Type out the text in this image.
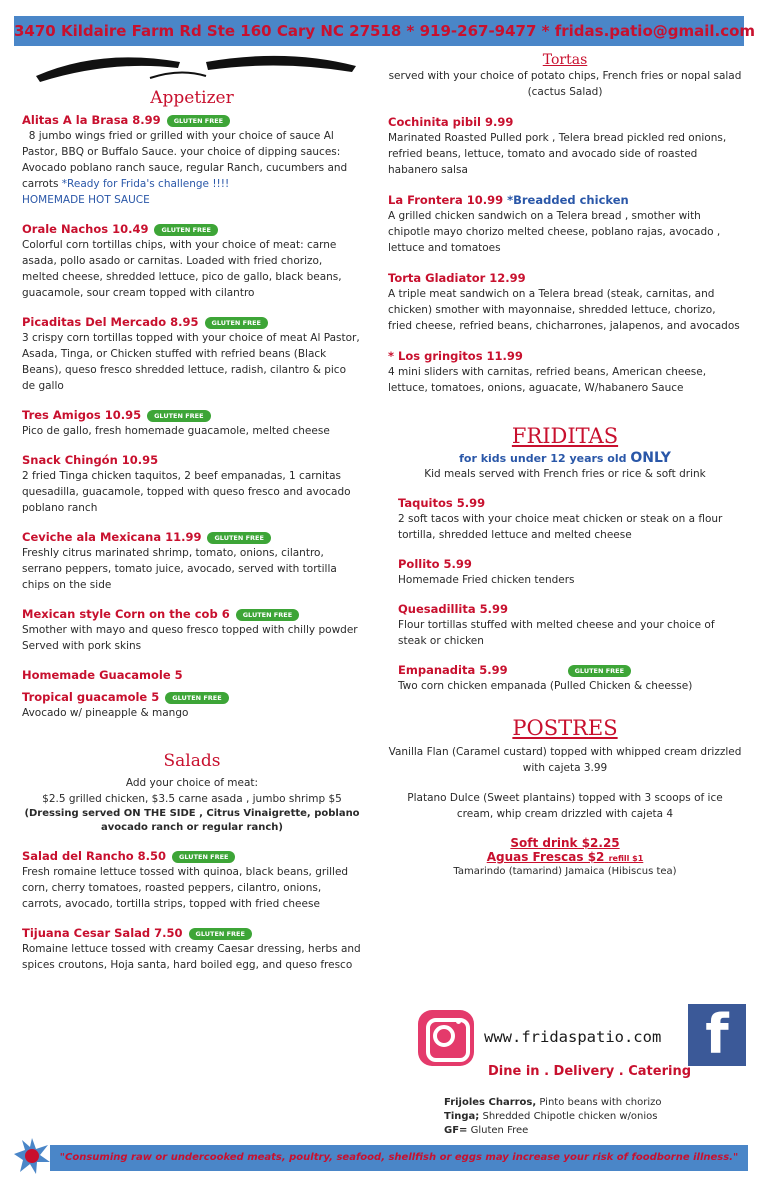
3470 Kildaire Farm Rd Ste 160 Cary NC 27518 * 919-267-9477 * fridas.patio@gmail.com
Appetizer
Alitas A la Brasa 8.99 GLUTEN FREE
8 jumbo wings fried or grilled with your choice of sauce Al Pastor, BBQ or Buffalo Sauce. your choice of dipping sauces: Avocado poblano ranch sauce, regular Ranch, cucumbers and carrots *Ready for Frida's challenge !!!!
HOMEMADE HOT SAUCE
Orale Nachos 10.49 GLUTEN FREE
Colorful corn tortillas chips, with your choice of meat: carne asada, pollo asado or carnitas. Loaded with fried chorizo, melted cheese, shredded lettuce, pico de gallo, black beans, guacamole, sour cream topped with cilantro
Picaditas Del Mercado 8.95 GLUTEN FREE
3 crispy corn tortillas topped with your choice of meat Al Pastor, Asada, Tinga, or Chicken stuffed with refried beans (Black Beans), queso fresco shredded lettuce, radish, cilantro & pico de gallo
Tres Amigos 10.95 GLUTEN FREE
Pico de gallo, fresh homemade guacamole, melted cheese
Snack Chingón 10.95
2 fried Tinga chicken taquitos, 2 beef empanadas, 1 carnitas quesadilla, guacamole, topped with queso fresco and avocado poblano ranch
Ceviche ala Mexicana 11.99 GLUTEN FREE
Freshly citrus marinated shrimp, tomato, onions, cilantro, serrano peppers, tomato juice, avocado, served with tortilla chips on the side
Mexican style Corn on the cob 6 GLUTEN FREE
Smother with mayo and queso fresco topped with chilly powder Served with pork skins
Homemade Guacamole 5
Tropical guacamole 5 GLUTEN FREE
Avocado w/ pineapple & mango
Salads
Add your choice of meat:
$2.5 grilled chicken, $3.5 carne asada , jumbo shrimp $5
(Dressing served ON THE SIDE , Citrus Vinaigrette, poblano avocado ranch or regular ranch)
Salad del Rancho 8.50 GLUTEN FREE
Fresh romaine lettuce tossed with quinoa, black beans, grilled corn, cherry tomatoes, roasted peppers, cilantro, onions, carrots, avocado, tortilla strips, topped with fried cheese
Tijuana Cesar Salad 7.50 GLUTEN FREE
Romaine lettuce tossed with creamy Caesar dressing, herbs and spices croutons, Hoja santa, hard boiled egg, and queso fresco
Tortas
served with your choice of potato chips, French fries or nopal salad (cactus Salad)
Cochinita pibil 9.99
Marinated Roasted Pulled pork , Telera bread pickled red onions, refried beans, lettuce, tomato and avocado side of roasted habanero salsa
La Frontera 10.99 *Breadded chicken
A grilled chicken sandwich on a Telera bread , smother with chipotle mayo chorizo melted cheese, poblano rajas, avocado , lettuce and tomatoes
Torta Gladiator 12.99
A triple meat sandwich on a Telera bread (steak, carnitas, and chicken) smother with mayonnaise, shredded lettuce, chorizo, fried cheese, refried beans, chicharrones, jalapenos, and avocados
* Los gringitos 11.99
4 mini sliders with carnitas, refried beans, American cheese, lettuce, tomatoes, onions, aguacate, W/habanero Sauce
FRIDITAS
for kids under 12 years old ONLY
Kid meals served with French fries or rice & soft drink
Taquitos 5.99
2 soft tacos with your choice meat chicken or steak on a flour tortilla, shredded lettuce and melted cheese
Pollito 5.99
Homemade Fried chicken tenders
Quesadillita 5.99
Flour tortillas stuffed with melted cheese and your choice of steak or chicken
Empanadita 5.99	GLUTEN FREE
Two corn chicken empanada (Pulled Chicken & cheesse)
POSTRES
Vanilla Flan (Caramel custard) topped with whipped cream drizzled with cajeta 3.99
Platano Dulce (Sweet plantains) topped with 3 scoops of ice cream, whip cream drizzled with cajeta 4
Soft drink $2.25
Aguas Frescas $2 refill $1
Tamarindo (tamarind) Jamaica (Hibiscus tea)
www.fridaspatio.com f
Dine in . Delivery . Catering
Frijoles Charros, Pinto beans with chorizo
Tinga; Shredded Chipotle chicken w/onios
GF= Gluten Free
"Consuming raw or undercooked meats, poultry, seafood, shellfish or eggs may increase your risk of foodborne illness."
